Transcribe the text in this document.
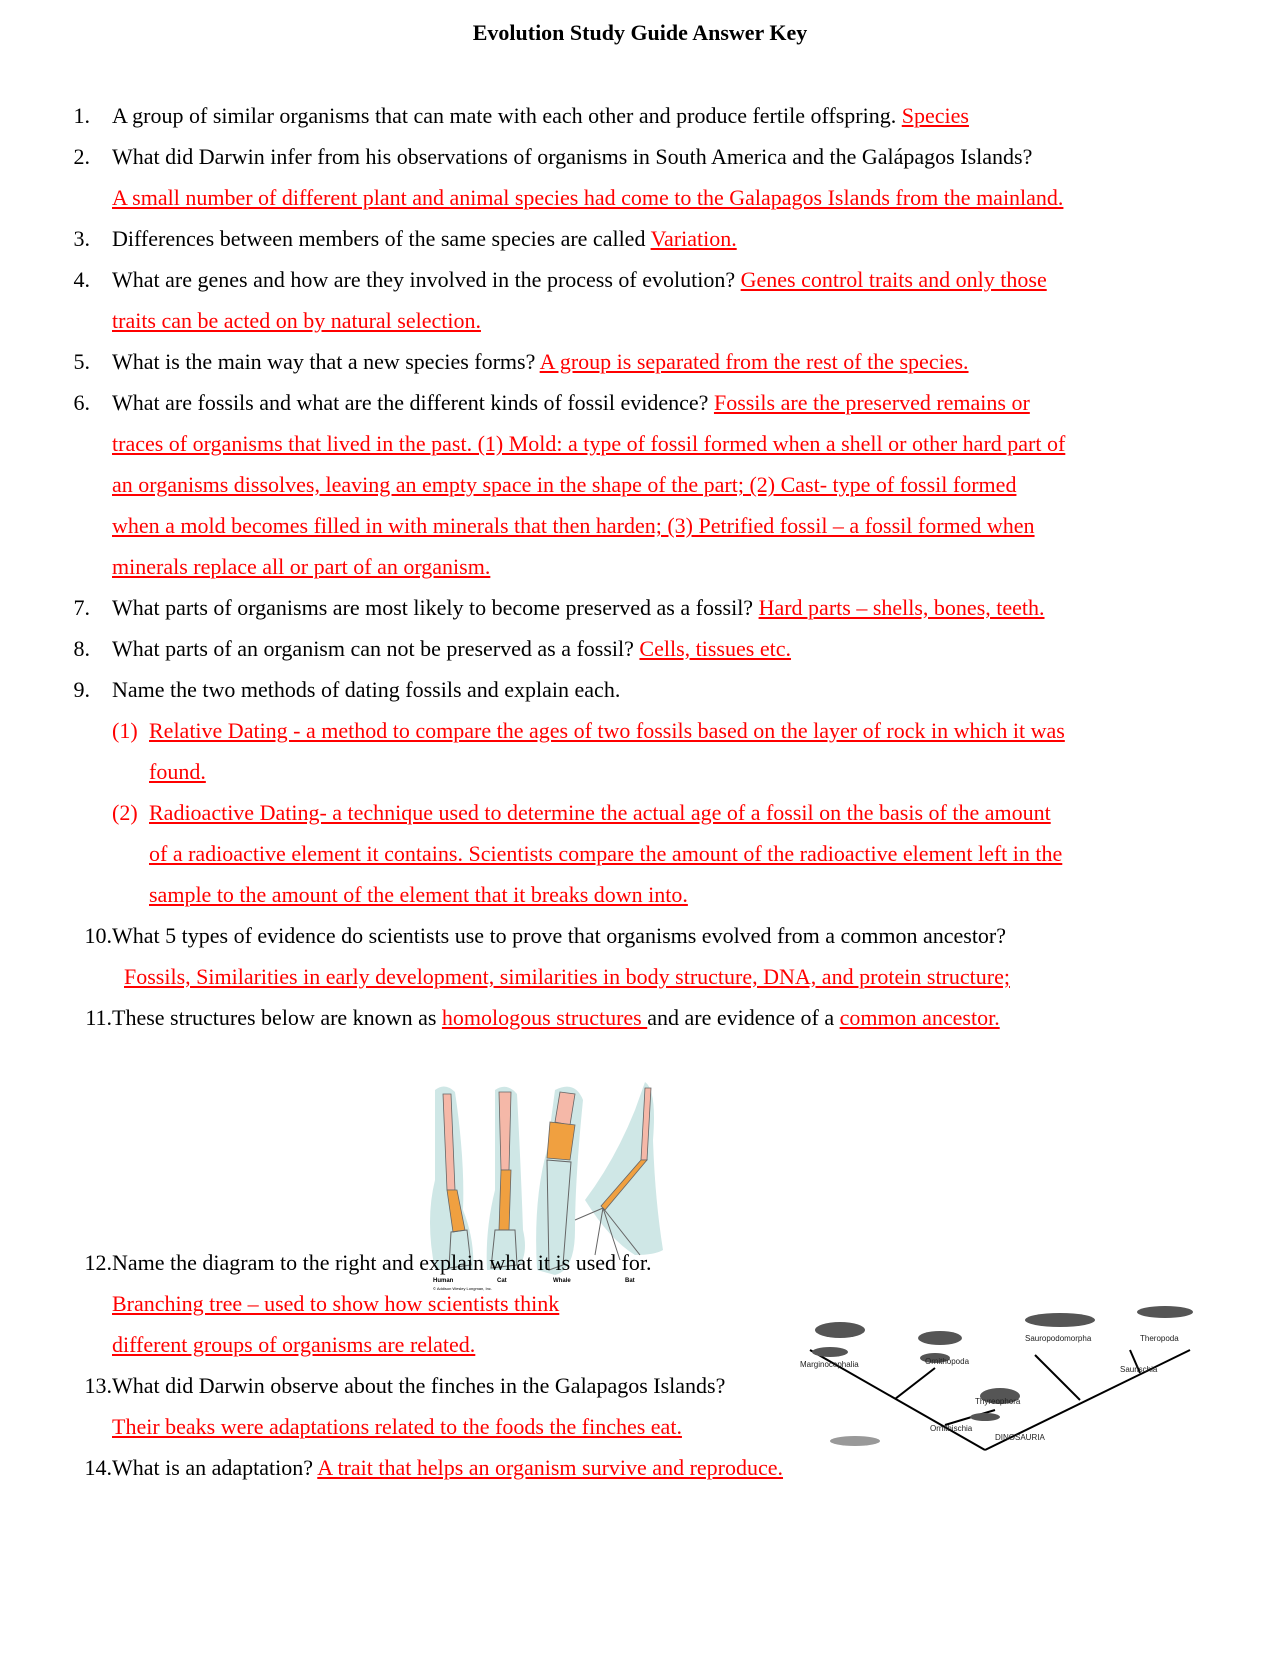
Evolution Study Guide Answer Key
1. A group of similar organisms that can mate with each other and produce fertile offspring. Species
2. What did Darwin infer from his observations of organisms in South America and the Galápagos Islands?
A small number of different plant and animal species had come to the Galapagos Islands from the mainland.
3. Differences between members of the same species are called Variation.
4. What are genes and how are they involved in the process of evolution? Genes control traits and only those
traits can be acted on by natural selection.
5. What is the main way that a new species forms? A group is separated from the rest of the species.
6. What are fossils and what are the different kinds of fossil evidence? Fossils are the preserved remains or
traces of organisms that lived in the past. (1) Mold: a type of fossil formed when a shell or other hard part of
an organisms dissolves, leaving an empty space in the shape of the part; (2) Cast- type of fossil formed
when a mold becomes filled in with minerals that then harden; (3) Petrified fossil – a fossil formed when
minerals replace all or part of an organism.
7. What parts of organisms are most likely to become preserved as a fossil? Hard parts – shells, bones, teeth.
8. What parts of an organism can not be preserved as a fossil? Cells, tissues etc.
9. Name the two methods of dating fossils and explain each.
(1) Relative Dating - a method to compare the ages of two fossils based on the layer of rock in which it was
found.
(2) Radioactive Dating- a technique used to determine the actual age of a fossil on the basis of the amount
of a radioactive element it contains. Scientists compare the amount of the radioactive element left in the
sample to the amount of the element that it breaks down into.
10. What 5 types of evidence do scientists use to prove that organisms evolved from a common ancestor?
Fossils, Similarities in early development, similarities in body structure, DNA, and protein structure;
11. These structures below are known as homologous structures and are evidence of a common ancestor.
Human	Cat	Whale	Bat
© Addison Wesley Longman, Inc.
12. Name the diagram to the right and explain what it is used for.
Branching tree – used to show how scientists think
different groups of organisms are related.	Sauropodomorpha	Theropoda
Marginocephalia	Ornithopoda
Saurischia
Thyreophora
Ornithischia
DINOSAURIA
13. What did Darwin observe about the finches in the Galapagos Islands?
Their beaks were adaptations related to the foods the finches eat.
14. What is an adaptation? A trait that helps an organism survive and reproduce.
